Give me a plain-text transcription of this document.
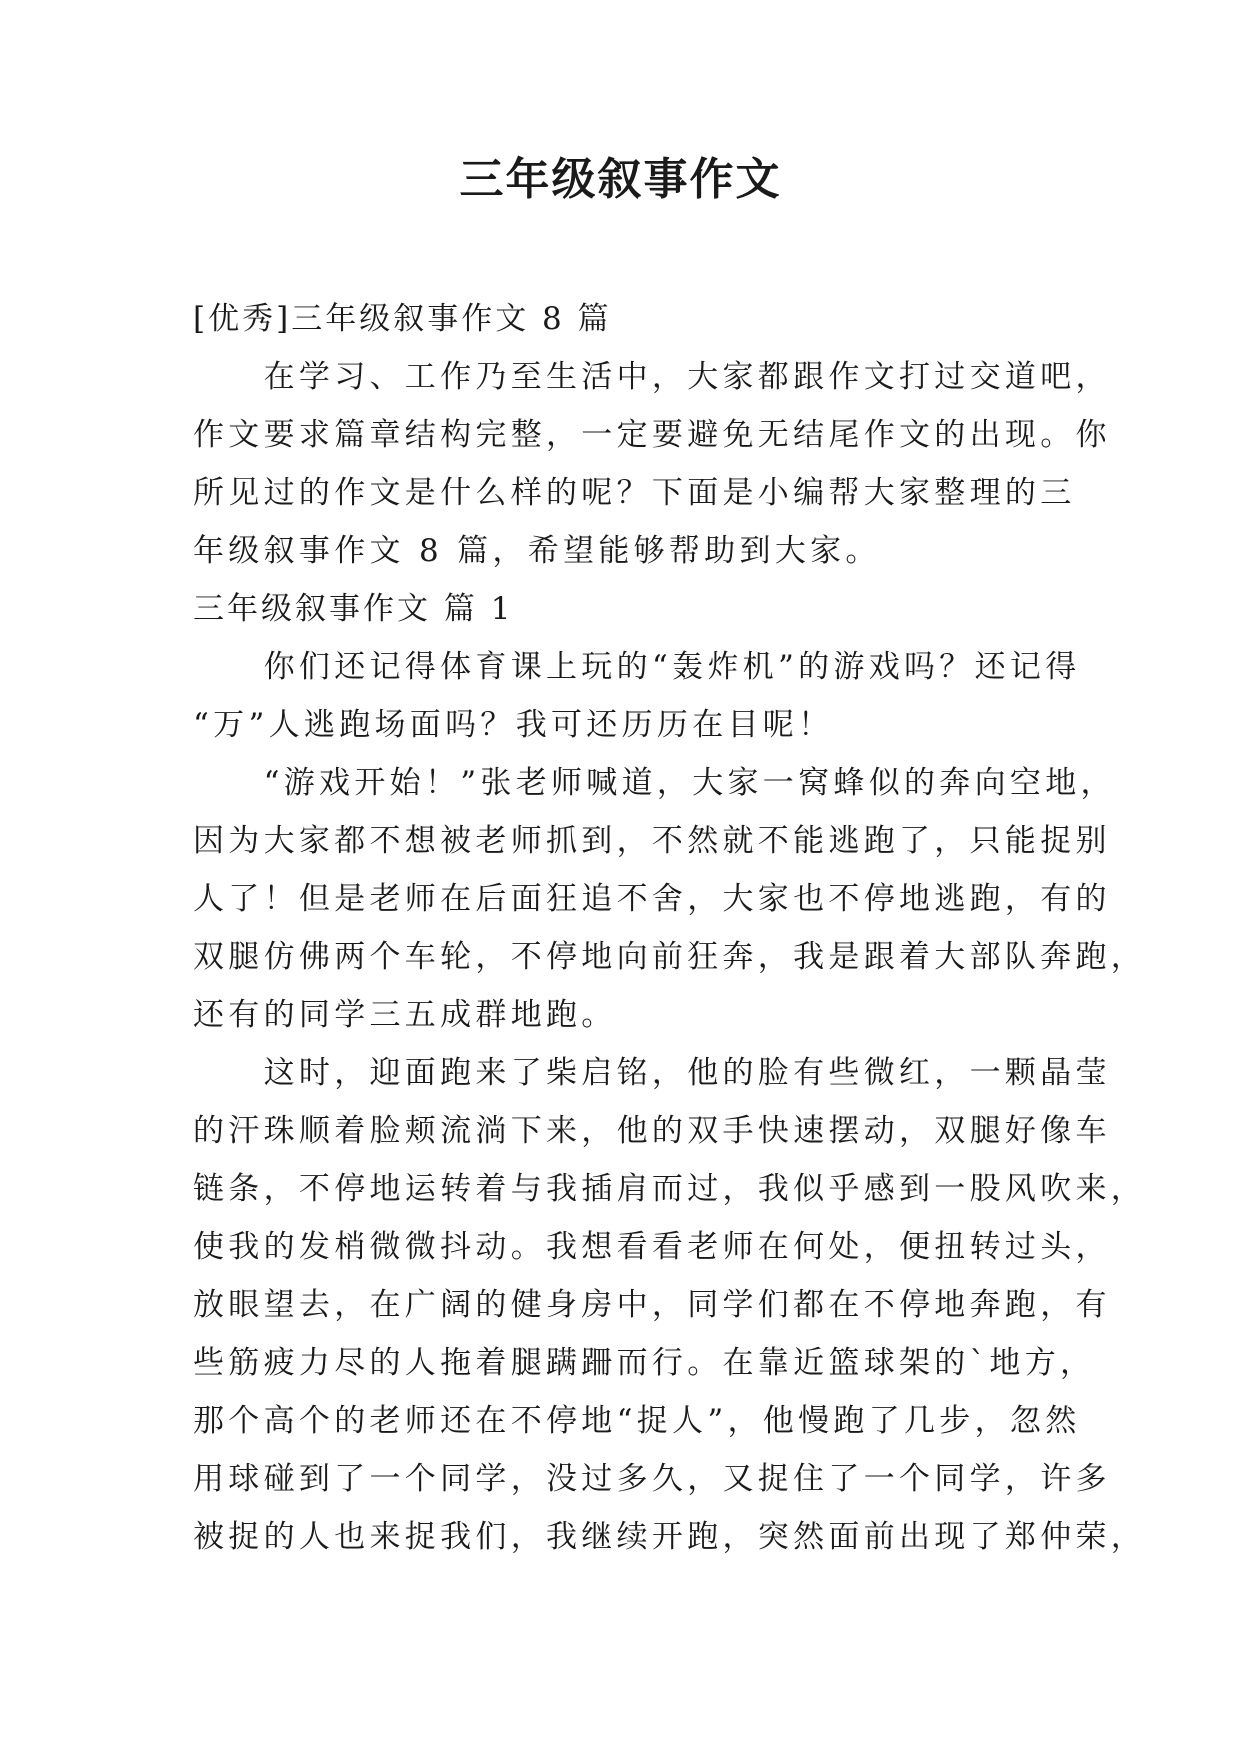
三年级叙事作文
[优秀]三年级叙事作文 8 篇
　　在学习、工作乃至生活中，大家都跟作文打过交道吧，
作文要求篇章结构完整，一定要避免无结尾作文的出现。你
所见过的作文是什么样的呢？下面是小编帮大家整理的三
年级叙事作文 8 篇，希望能够帮助到大家。
三年级叙事作文 篇 1
　　你们还记得体育课上玩的“轰炸机”的游戏吗？还记得
“万”人逃跑场面吗？我可还历历在目呢！
　　“游戏开始！”张老师喊道，大家一窝蜂似的奔向空地，
因为大家都不想被老师抓到，不然就不能逃跑了，只能捉别
人了！但是老师在后面狂追不舍，大家也不停地逃跑，有的
双腿仿佛两个车轮，不停地向前狂奔，我是跟着大部队奔跑，
还有的同学三五成群地跑。
　　这时，迎面跑来了柴启铭，他的脸有些微红，一颗晶莹
的汗珠顺着脸颊流淌下来，他的双手快速摆动，双腿好像车
链条，不停地运转着与我插肩而过，我似乎感到一股风吹来，
使我的发梢微微抖动。我想看看老师在何处，便扭转过头，
放眼望去，在广阔的健身房中，同学们都在不停地奔跑，有
些筋疲力尽的人拖着腿蹒跚而行。在靠近篮球架的`地方，
那个高个的老师还在不停地“捉人”，他慢跑了几步，忽然
用球碰到了一个同学，没过多久，又捉住了一个同学，许多
被捉的人也来捉我们，我继续开跑，突然面前出现了郑仲荣，
